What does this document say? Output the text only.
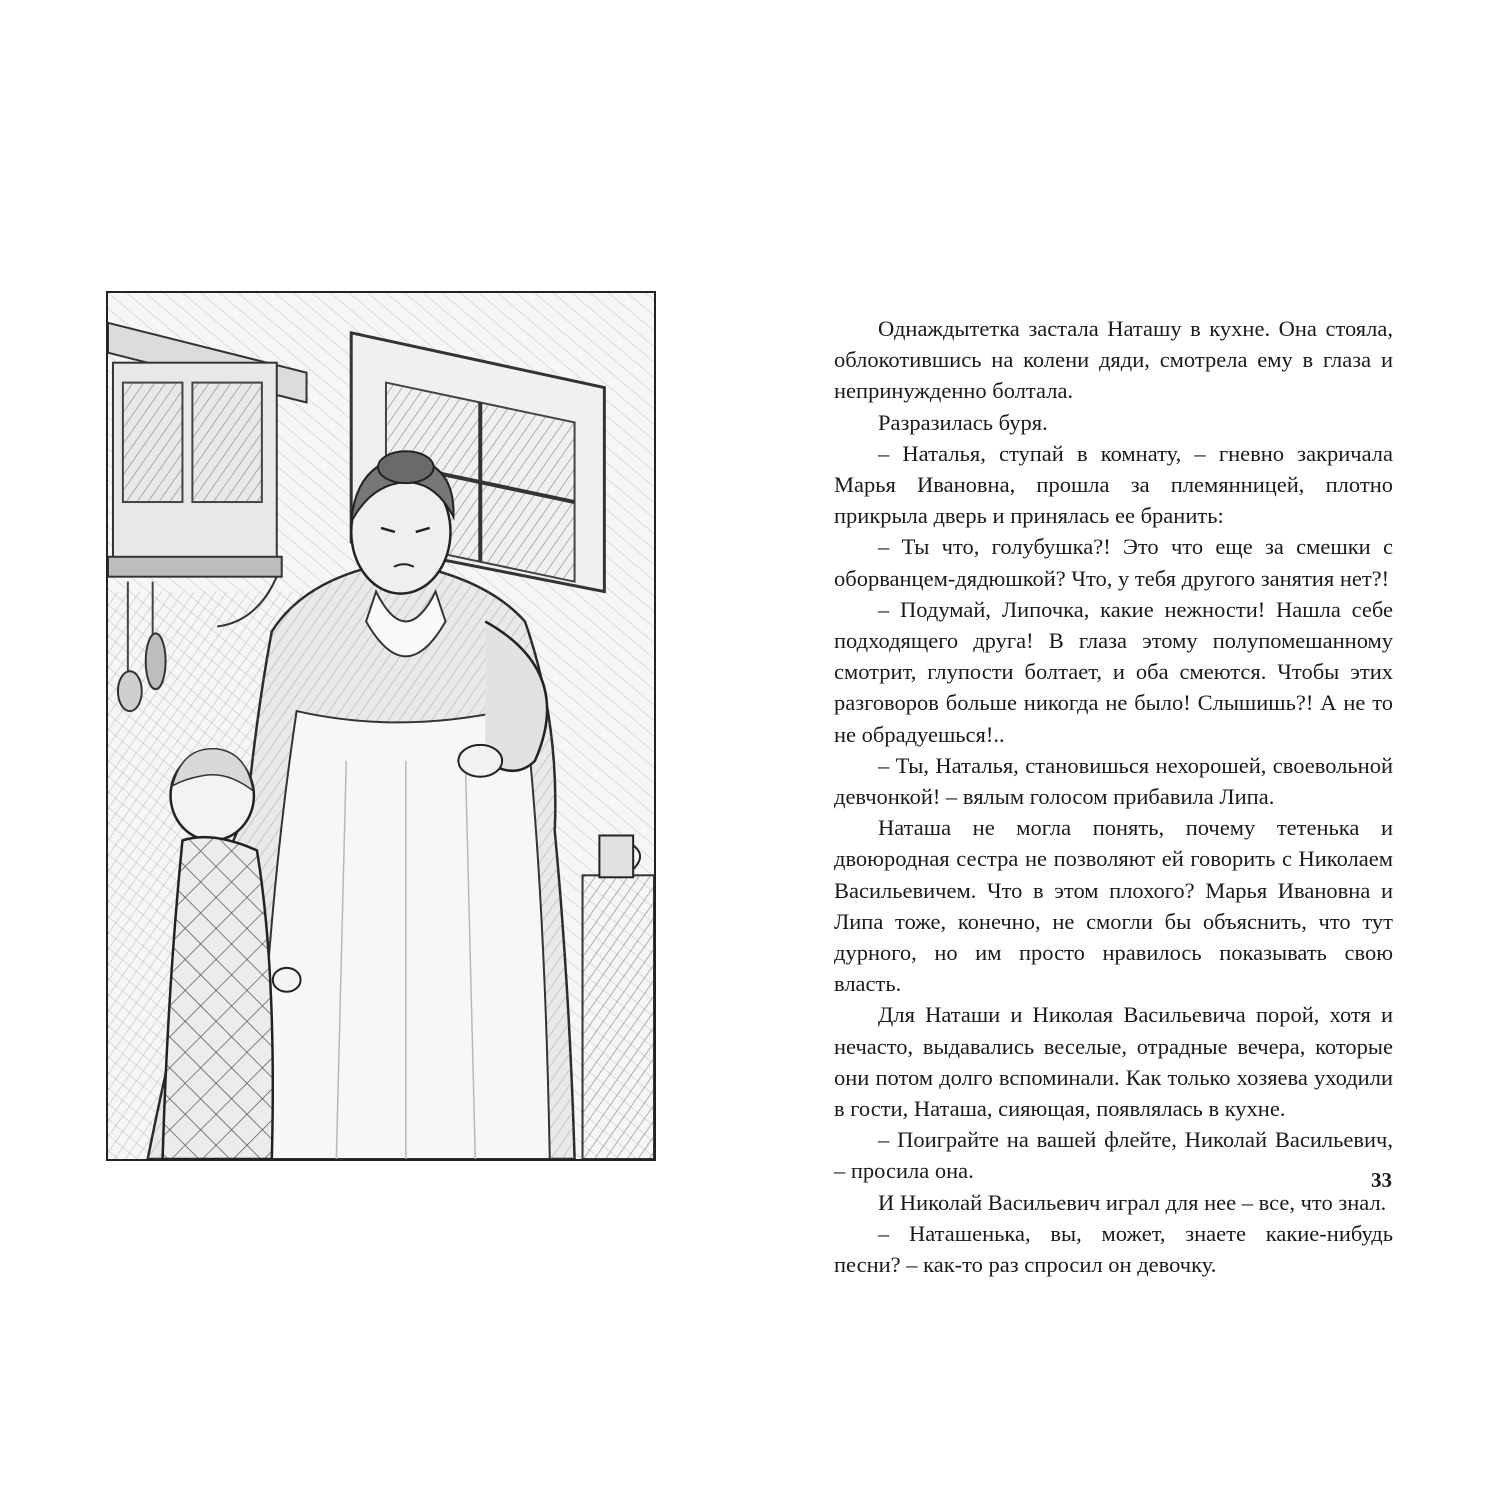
Однаждытетка застала Наташу в кухне. Она стояла, облокотившись на колени дяди, смотрела ему в глаза и непринужденно болтала.

Разразилась буря.

– Наталья, ступай в комнату, – гневно закричала Марья Ивановна, прошла за племянницей, плотно прикрыла дверь и принялась ее бранить:

– Ты что, голубушка?! Это что еще за смешки с оборванцем-дядюшкой? Что, у тебя другого занятия нет?!

– Подумай, Липочка, какие нежности! Нашла себе подходящего друга! В глаза этому полупомешанному смотрит, глупости болтает, и оба смеются. Чтобы этих разговоров больше никогда не было! Слышишь?! А не то не обрадуешься!..

– Ты, Наталья, становишься нехорошей, своевольной девчонкой! – вялым голосом прибавила Липа.

Наташа не могла понять, почему тетенька и двоюродная сестра не позволяют ей говорить с Николаем Васильевичем. Что в этом плохого? Марья Ивановна и Липа тоже, конечно, не смогли бы объяснить, что тут дурного, но им просто нравилось показывать свою власть.

Для Наташи и Николая Васильевича порой, хотя и нечасто, выдавались веселые, отрадные вечера, которые они потом долго вспоминали. Как только хозяева уходили в гости, Наташа, сияющая, появлялась в кухне.

– Поиграйте на вашей флейте, Николай Васильевич, – просила она.

И Николай Васильевич играл для нее – все, что знал.

– Наташенька, вы, может, знаете какие-нибудь песни? – как-то раз спросил он девочку.

33
